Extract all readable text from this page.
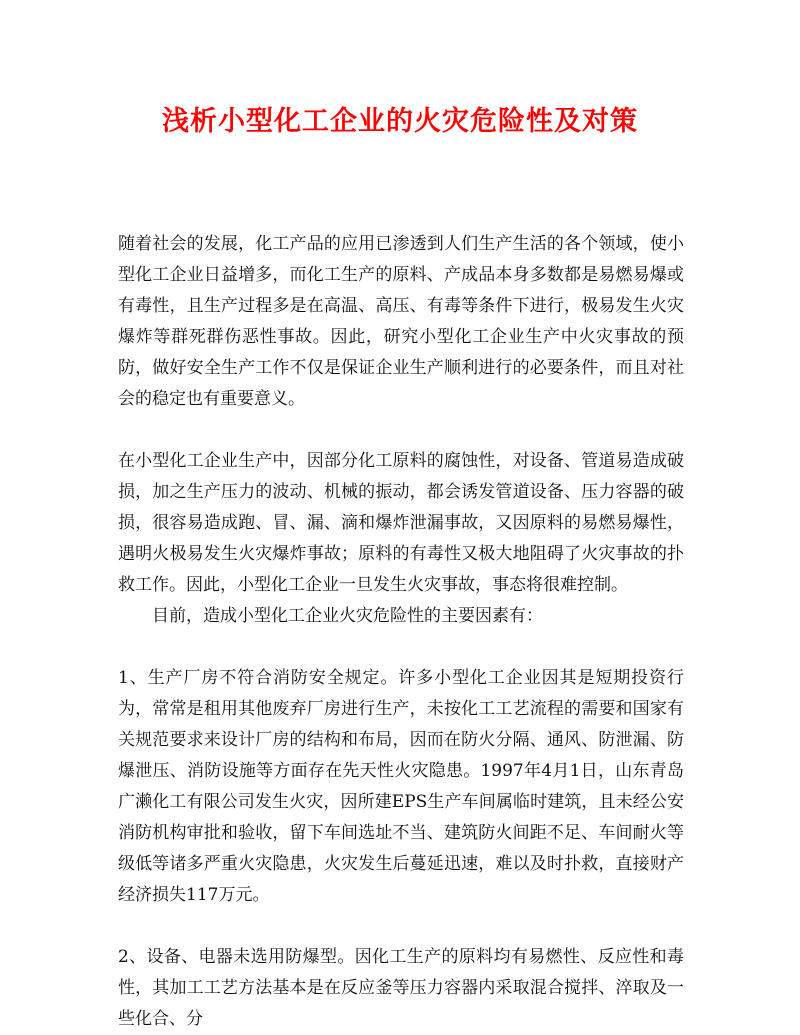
浅析小型化工企业的火灾危险性及对策

随着社会的发展，化工产品的应用已渗透到人们生产生活的各个领域，使小型化工企业日益增多，而化工生产的原料、产成品本身多数都是易燃易爆或有毒性，且生产过程多是在高温、高压、有毒等条件下进行，极易发生火灾爆炸等群死群伤恶性事故。因此，研究小型化工企业生产中火灾事故的预防，做好安全生产工作不仅是保证企业生产顺利进行的必要条件，而且对社会的稳定也有重要意义。

在小型化工企业生产中，因部分化工原料的腐蚀性，对设备、管道易造成破损，加之生产压力的波动、机械的振动，都会诱发管道设备、压力容器的破损，很容易造成跑、冒、漏、滴和爆炸泄漏事故，又因原料的易燃易爆性，遇明火极易发生火灾爆炸事故；原料的有毒性又极大地阻碍了火灾事故的扑救工作。因此，小型化工企业一旦发生火灾事故，事态将很难控制。

目前，造成小型化工企业火灾危险性的主要因素有：

1、生产厂房不符合消防安全规定。许多小型化工企业因其是短期投资行为，常常是租用其他废弃厂房进行生产，未按化工工艺流程的需要和国家有关规范要求来设计厂房的结构和布局，因而在防火分隔、通风、防泄漏、防爆泄压、消防设施等方面存在先天性火灾隐患。1997年4月1日，山东青岛广濑化工有限公司发生火灾，因所建EPS生产车间属临时建筑，且未经公安消防机构审批和验收，留下车间选址不当、建筑防火间距不足、车间耐火等级低等诸多严重火灾隐患，火灾发生后蔓延迅速，难以及时扑救，直接财产经济损失117万元。

2、设备、电器未选用防爆型。因化工生产的原料均有易燃性、反应性和毒性，其加工工艺方法基本是在反应釜等压力容器内采取混合搅拌、淬取及一些化合、分
